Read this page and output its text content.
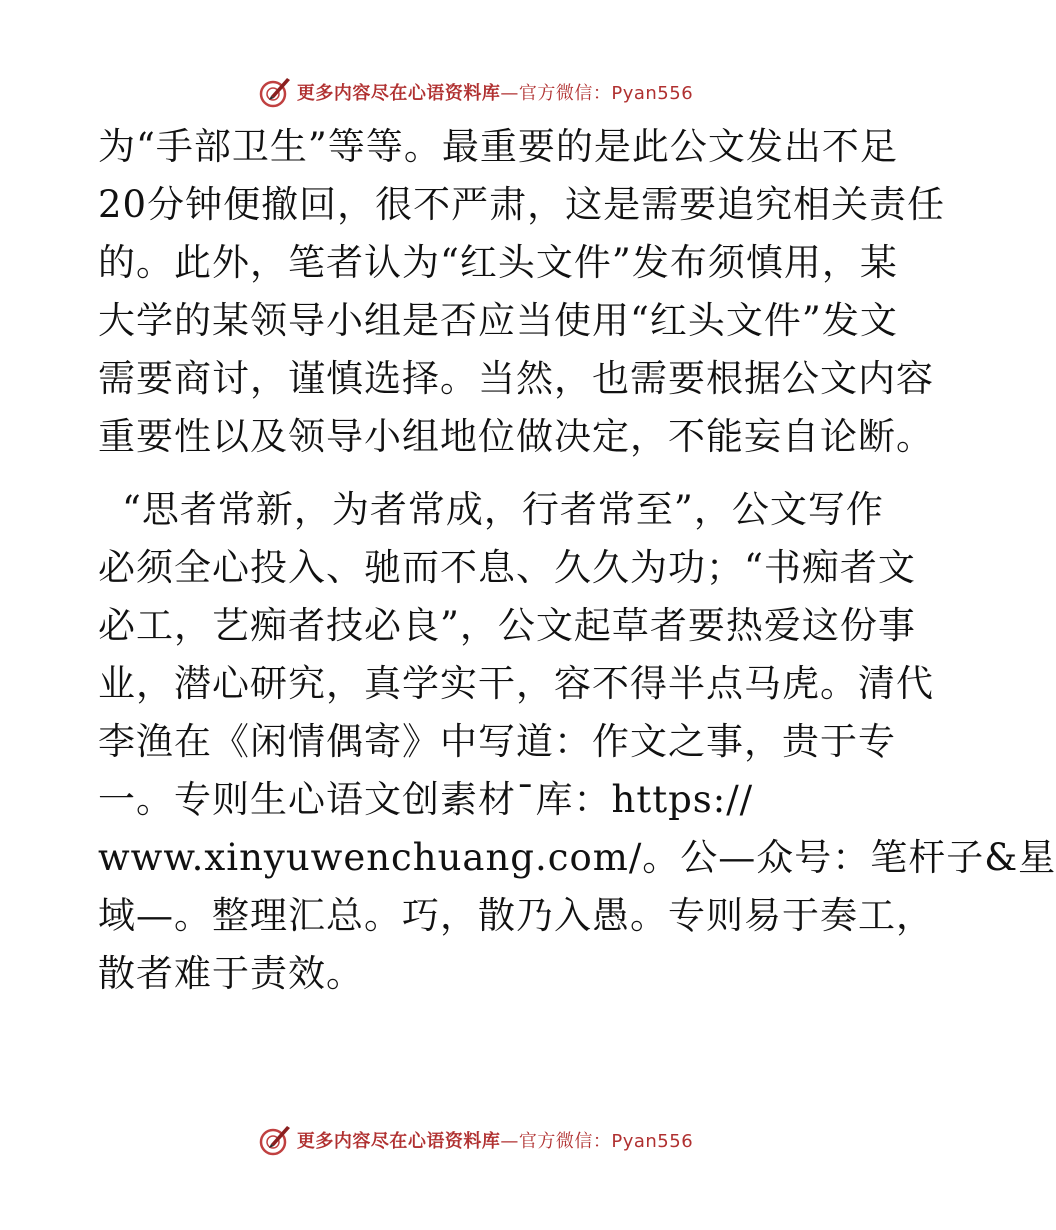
更多内容尽在心语资料库—官方微信：Pyan556
为“手部卫生”等等。最重要的是此公文发出不足
20分钟便撤回，很不严肃，这是需要追究相关责任
的。此外，笔者认为“红头文件”发布须慎用，某
大学的某领导小组是否应当使用“红头文件”发文
需要商讨，谨慎选择。当然，也需要根据公文内容
重要性以及领导小组地位做决定，不能妄自论断。
“思者常新，为者常成，行者常至”，公文写作
必须全心投入、驰而不息、久久为功；“书痴者文
必工，艺痴者技必良”，公文起草者要热爱这份事
业，潜心研究，真学实干，容不得半点马虎。清代
李渔在《闲情偶寄》中写道：作文之事，贵于专
一。专则生心语文创素材¯库：https://
www.xinyuwenchuang.com/。公—众号：笔杆子&星
域—。整理汇总。巧，散乃入愚。专则易于奏工，
散者难于责效。
更多内容尽在心语资料库—官方微信：Pyan556
